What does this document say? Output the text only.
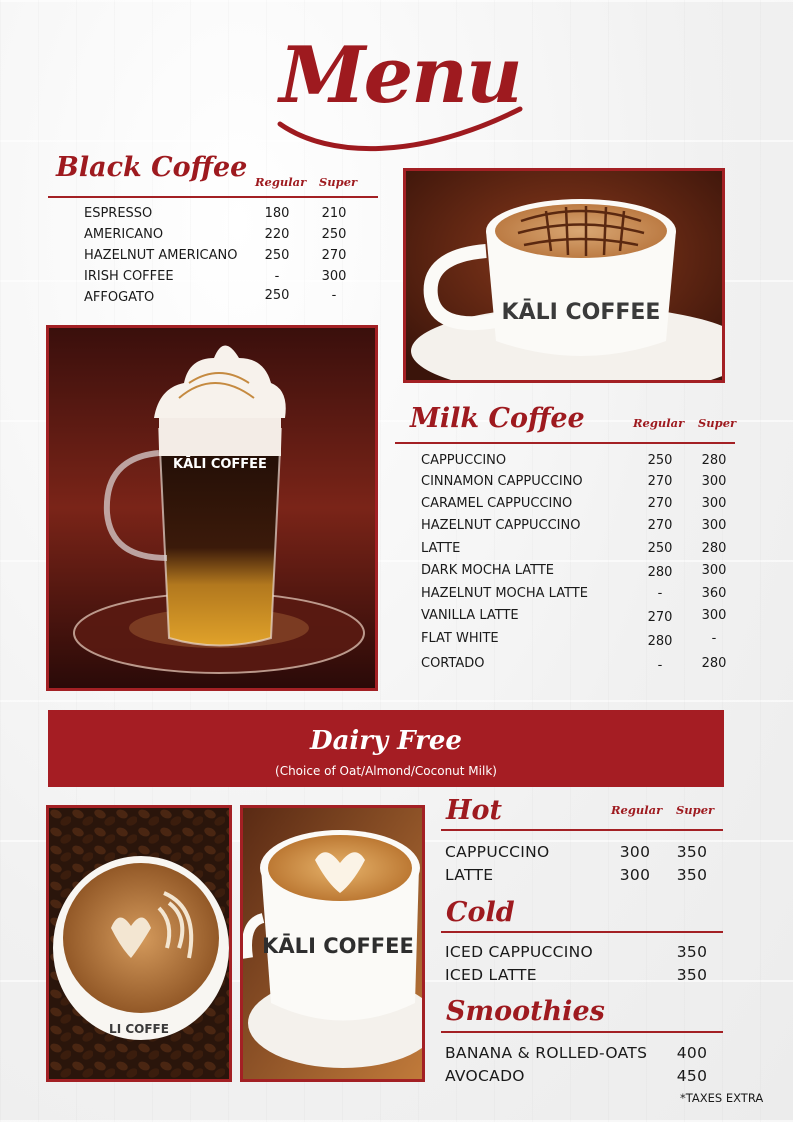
Menu
Black Coffee Regular Super
ESPRESSO	180	210
AMERICANO	220	250
HAZELNUT AMERICANO	250	270
IRISH COFFEE	-	300
AFFOGATO	250	-
KĀLI COFFEE
KĀLI COFFEE
Milk Coffee	Regular Super
CAPPUCCINO	250	280
CINNAMON CAPPUCCINO	270	300
CARAMEL CAPPUCCINO	270	300
HAZELNUT CAPPUCCINO	270	300
LATTE	250	280
DARK MOCHA LATTE	280	300
HAZELNUT MOCHA LATTE	-	360
VANILLA LATTE	270	300
FLAT WHITE	280	-
CORTADO	-	280
Dairy Free
(Choice of Oat/Almond/Coconut Milk)
LI COFFE
KĀLI COFFEE
Hot	Regular Super
CAPPUCCINO	300	350
LATTE	300	350
Cold
ICED CAPPUCCINO	350
ICED LATTE	350
Smoothies
BANANA & ROLLED-OATS	400
AVOCADO	450
*TAXES EXTRA
